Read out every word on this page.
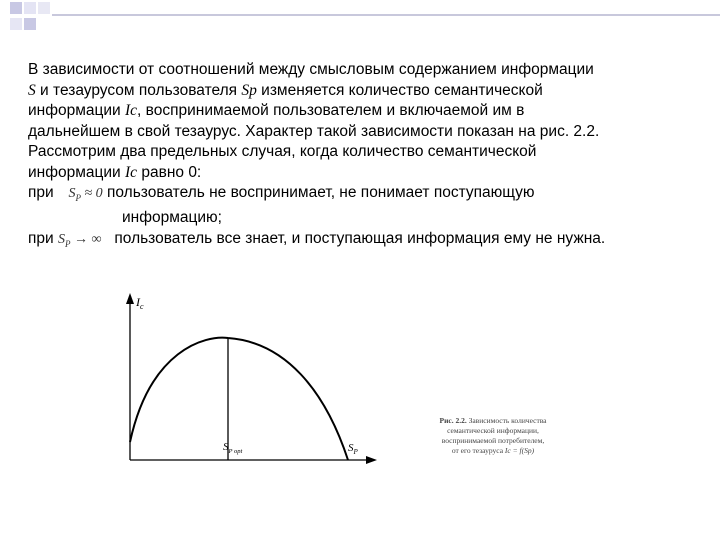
В зависимости от соотношений между смысловым содержанием информации

S и тезаурусом пользователя Sp изменяется количество семантической

информации Ic, воспринимаемой пользователем и включаемой им в

дальнейшем в свой тезаурус. Характер такой зависимости показан на рис. 2.2.

Рассмотрим два предельных случая, когда количество семантической

информации Ic равно 0:

при $S_P \approx 0$ пользователь не воспринимает, не понимает поступающую

информацию;

при $S_P$ → ∞ пользователь все знает, и поступающая информация ему не нужна.

$I_c$
$S_{P opt}$	$S_P$
Рис. 2.2. Зависимость количества
семантической информации,
воспринимаемой потребителем,
от его тезауруса Ic = f(Sp)
